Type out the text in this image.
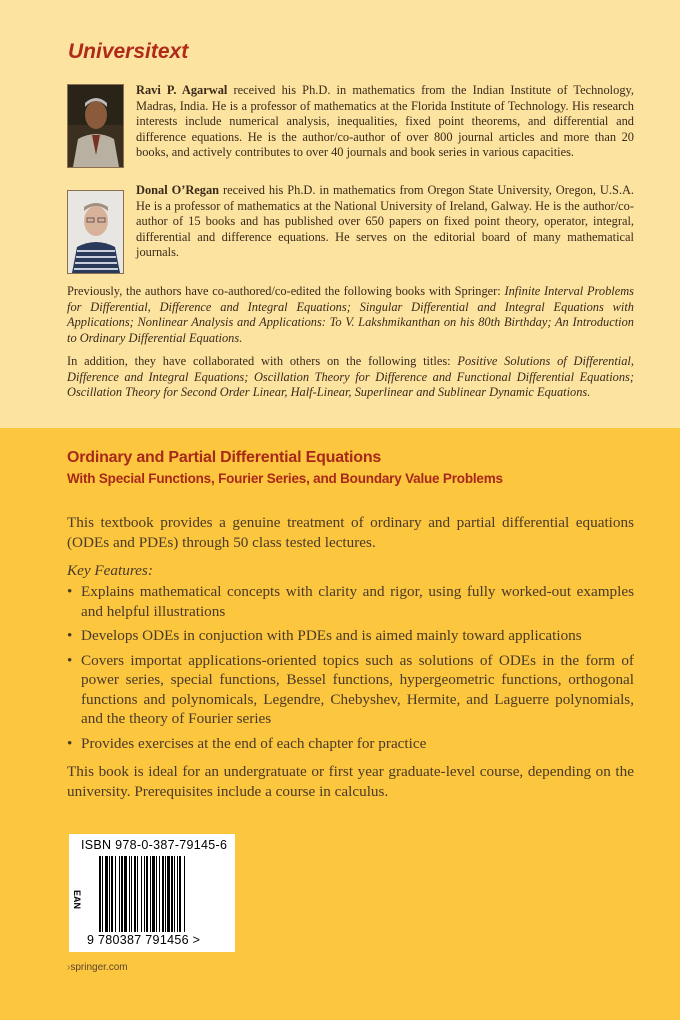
Universitext
Ravi P. Agarwal received his Ph.D. in mathematics from the Indian Institute of Technology, Madras, India. He is a professor of mathematics at the Florida Institute of Technology. His research interests include numerical analysis, inequalities, fixed point theorems, and differential and difference equations. He is the author/co-author of over 800 journal articles and more than 20 books, and actively contributes to over 40 journals and book series in various capacities.
Donal O’Regan received his Ph.D. in mathematics from Oregon State University, Oregon, U.S.A. He is a professor of mathematics at the National University of Ireland, Galway. He is the author/co-author of 15 books and has published over 650 papers on fixed point theory, operator, integral, differential and difference equations. He serves on the editorial board of many mathematical journals.
Previously, the authors have co-authored/co-edited the following books with Springer: Infinite Interval Problems for Differential, Difference and Integral Equations; Singular Differential and Integral Equations with Applications; Nonlinear Analysis and Applications: To V. Lakshmikanthan on his 80th Birthday; An Introduction to Ordinary Differential Equations.
In addition, they have collaborated with others on the following titles: Positive Solutions of Differential, Difference and Integral Equations; Oscillation Theory for Difference and Functional Differential Equations; Oscillation Theory for Second Order Linear, Half-Linear, Superlinear and Sublinear Dynamic Equations.
Ordinary and Partial Differential Equations
With Special Functions, Fourier Series, and Boundary Value Problems
This textbook provides a genuine treatment of ordinary and partial differential equations (ODEs and PDEs) through 50 class tested lectures.
Key Features:
• Explains mathematical concepts with clarity and rigor, using fully worked-out examples and helpful illustrations
• Develops ODEs in conjuction with PDEs and is aimed mainly toward applications
• Covers importat applications-oriented topics such as solutions of ODEs in the form of power series, special functions, Bessel functions, hypergeometric functions, orthogonal functions and polynomicals, Legendre, Chebyshev, Hermite, and Laguerre polynomials, and the theory of Fourier series
• Provides exercises at the end of each chapter for practice
This book is ideal for an undergratuate or first year graduate-level course, depending on the university. Prerequisites include a course in calculus.
ISBN 978-0-387-79145-6
EAN
9 780387 791456 >
›springer.com
